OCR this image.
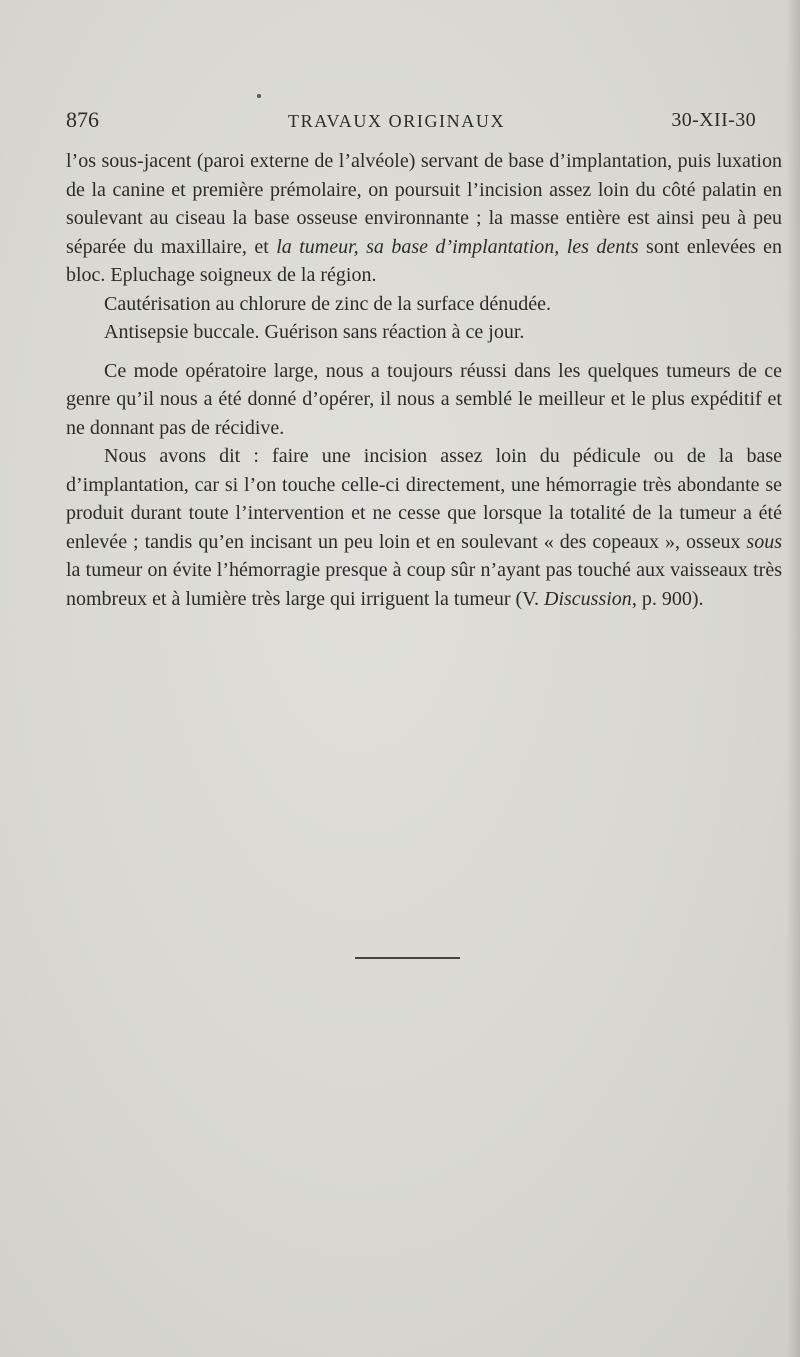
876	TRAVAUX ORIGINAUX	30-XII-30

l’os sous-jacent (paroi externe de l’alvéole) servant de base d’implantation, puis luxation de la canine et première prémolaire, on poursuit l’incision assez loin du côté palatin en soulevant au ciseau la base osseuse environnante ; la masse entière est ainsi peu à peu séparée du maxillaire, et la tumeur, sa base d’implantation, les dents sont enlevées en bloc. Epluchage soigneux de la région.

Cautérisation au chlorure de zinc de la surface dénudée.

Antisepsie buccale. Guérison sans réaction à ce jour.

Ce mode opératoire large, nous a toujours réussi dans les quelques tumeurs de ce genre qu’il nous a été donné d’opérer, il nous a semblé le meilleur et le plus expéditif et ne donnant pas de récidive.

Nous avons dit : faire une incision assez loin du pédicule ou de la base d’implantation, car si l’on touche celle-ci directement, une hémorragie très abondante se produit durant toute l’intervention et ne cesse que lorsque la totalité de la tumeur a été enlevée ; tandis qu’en incisant un peu loin et en soulevant « des copeaux », osseux sous la tumeur on évite l’hémorragie presque à coup sûr n’ayant pas touché aux vaisseaux très nombreux et à lumière très large qui irriguent la tumeur (V. Discussion, p. 900).
